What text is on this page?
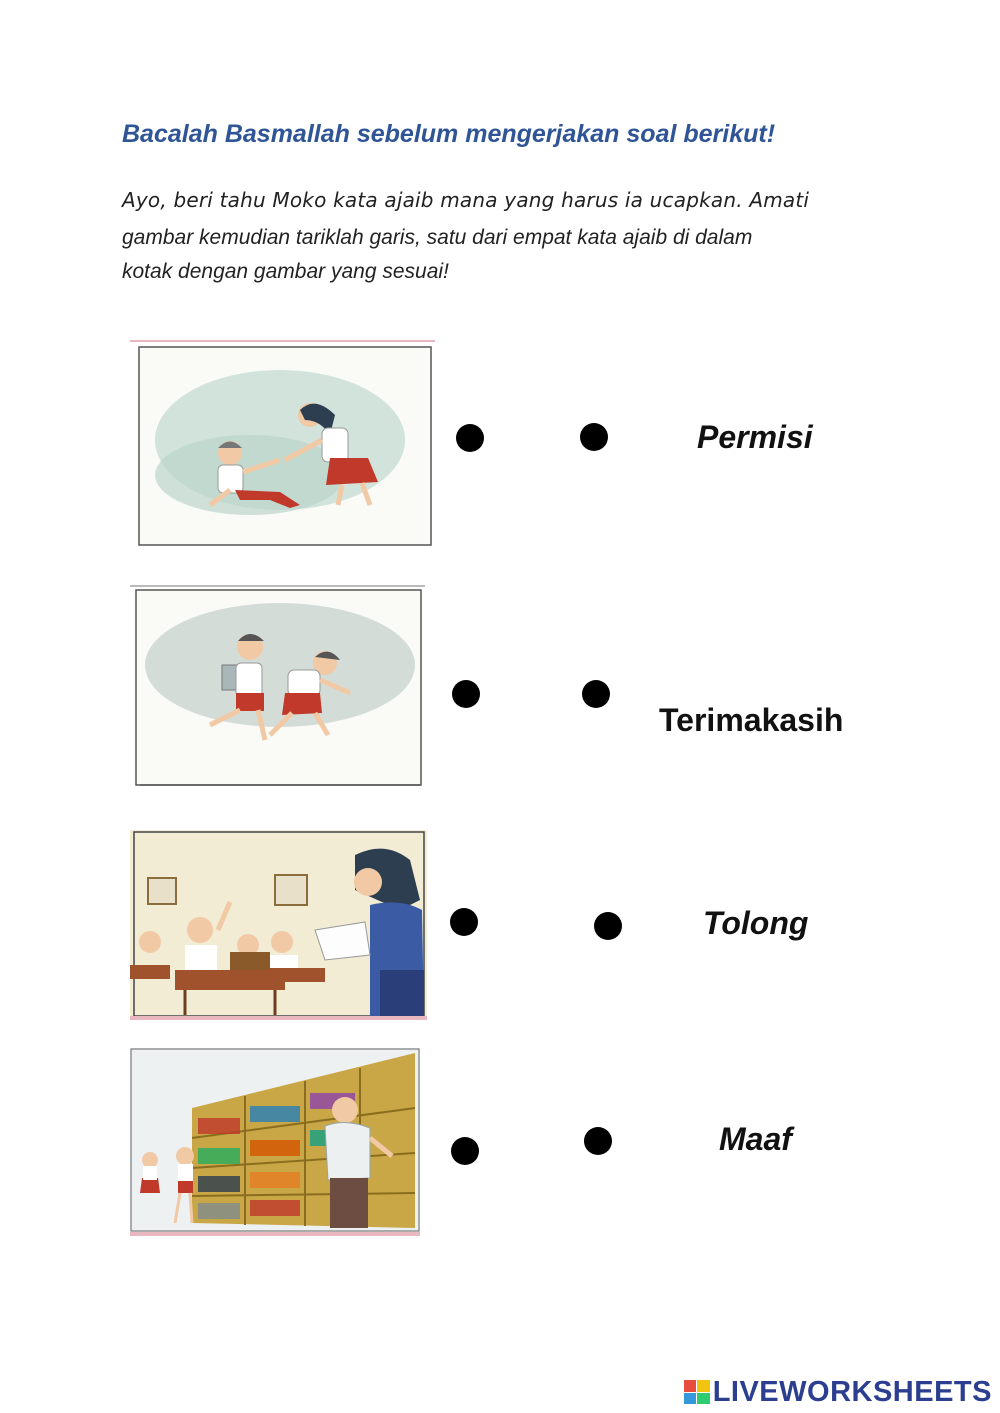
Bacalah Basmallah sebelum mengerjakan soal berikut!
Ayo, beri tahu Moko kata ajaib mana yang harus ia ucapkan. Amati
gambar kemudian tariklah garis, satu dari empat kata ajaib di dalam
kotak dengan gambar yang sesuai!
Permisi
Terimakasih
Tolong
Maaf
LIVEWORKSHEETS
